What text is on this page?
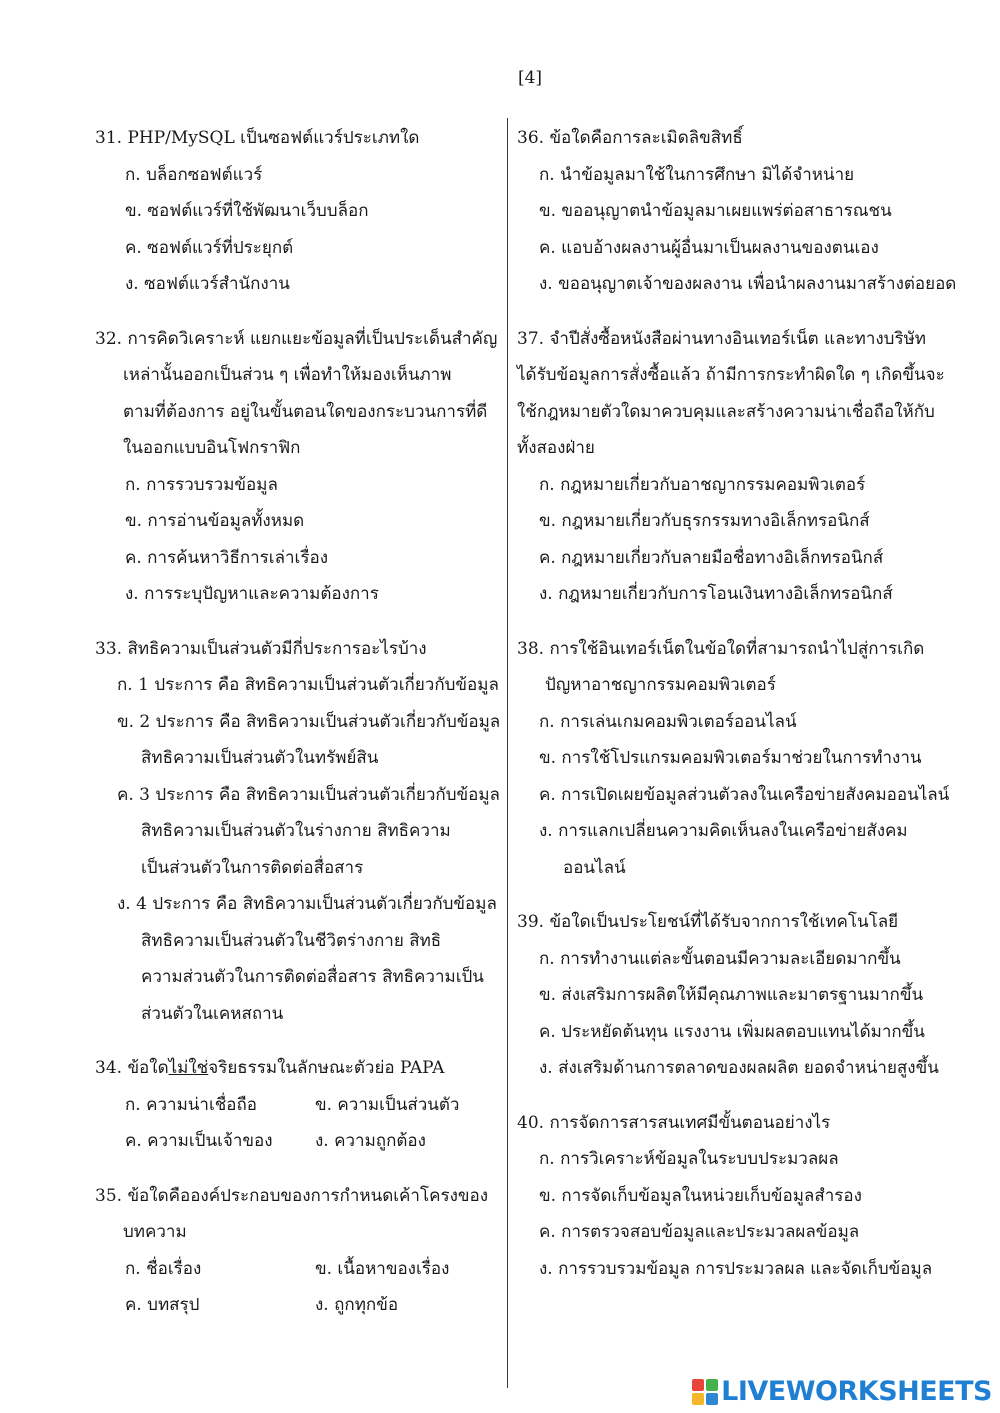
[4]
31. PHP/MySQL เป็นซอฟต์แวร์ประเภทใด
ก. บล็อกซอฟต์แวร์
ข. ซอฟต์แวร์ที่ใช้พัฒนาเว็บบล็อก
ค. ซอฟต์แวร์ที่ประยุกต์
ง. ซอฟต์แวร์สำนักงาน
32. การคิดวิเคราะห์ แยกแยะข้อมูลที่เป็นประเด็นสำคัญ
เหล่านั้นออกเป็นส่วน ๆ เพื่อทำให้มองเห็นภาพ
ตามที่ต้องการ อยู่ในขั้นตอนใดของกระบวนการที่ดี
ในออกแบบอินโฟกราฟิก
ก. การรวบรวมข้อมูล
ข. การอ่านข้อมูลทั้งหมด
ค. การค้นหาวิธีการเล่าเรื่อง
ง. การระบุปัญหาและความต้องการ
33. สิทธิความเป็นส่วนตัวมีกี่ประการอะไรบ้าง
ก. 1 ประการ คือ สิทธิความเป็นส่วนตัวเกี่ยวกับข้อมูล
ข. 2 ประการ คือ สิทธิความเป็นส่วนตัวเกี่ยวกับข้อมูล
สิทธิความเป็นส่วนตัวในทรัพย์สิน
ค. 3 ประการ คือ สิทธิความเป็นส่วนตัวเกี่ยวกับข้อมูล
สิทธิความเป็นส่วนตัวในร่างกาย สิทธิความ
เป็นส่วนตัวในการติดต่อสื่อสาร
ง. 4 ประการ คือ สิทธิความเป็นส่วนตัวเกี่ยวกับข้อมูล
สิทธิความเป็นส่วนตัวในชีวิตร่างกาย สิทธิ
ความส่วนตัวในการติดต่อสื่อสาร สิทธิความเป็น
ส่วนตัวในเคหสถาน
34. ข้อใดไม่ใช่จริยธรรมในลักษณะตัวย่อ PAPA
ก. ความน่าเชื่อถือ	ข. ความเป็นส่วนตัว
ค. ความเป็นเจ้าของ	ง. ความถูกต้อง
35. ข้อใดคือองค์ประกอบของการกำหนดเค้าโครงของ
บทความ
ก. ชื่อเรื่อง	ข. เนื้อหาของเรื่อง
ค. บทสรุป	ง. ถูกทุกข้อ
36. ข้อใดคือการละเมิดลิขสิทธิ์
ก. นำข้อมูลมาใช้ในการศึกษา มิได้จำหน่าย
ข. ขออนุญาตนำข้อมูลมาเผยแพร่ต่อสาธารณชน
ค. แอบอ้างผลงานผู้อื่นมาเป็นผลงานของตนเอง
ง. ขออนุญาตเจ้าของผลงาน เพื่อนำผลงานมาสร้างต่อยอด
37. จำปีสั่งซื้อหนังสือผ่านทางอินเทอร์เน็ต และทางบริษัท
ได้รับข้อมูลการสั่งซื้อแล้ว ถ้ามีการกระทำผิดใด ๆ เกิดขึ้นจะ
ใช้กฎหมายตัวใดมาควบคุมและสร้างความน่าเชื่อถือให้กับ
ทั้งสองฝ่าย
ก. กฎหมายเกี่ยวกับอาชญากรรมคอมพิวเตอร์
ข. กฎหมายเกี่ยวกับธุรกรรมทางอิเล็กทรอนิกส์
ค. กฎหมายเกี่ยวกับลายมือชื่อทางอิเล็กทรอนิกส์
ง. กฎหมายเกี่ยวกับการโอนเงินทางอิเล็กทรอนิกส์
38. การใช้อินเทอร์เน็ตในข้อใดที่สามารถนำไปสู่การเกิด
ปัญหาอาชญากรรมคอมพิวเตอร์
ก. การเล่นเกมคอมพิวเตอร์ออนไลน์
ข. การใช้โปรแกรมคอมพิวเตอร์มาช่วยในการทำงาน
ค. การเปิดเผยข้อมูลส่วนตัวลงในเครือข่ายสังคมออนไลน์
ง. การแลกเปลี่ยนความคิดเห็นลงในเครือข่ายสังคม
ออนไลน์
39. ข้อใดเป็นประโยชน์ที่ได้รับจากการใช้เทคโนโลยี
ก. การทำงานแต่ละขั้นตอนมีความละเอียดมากขึ้น
ข. ส่งเสริมการผลิตให้มีคุณภาพและมาตรฐานมากขึ้น
ค. ประหยัดต้นทุน แรงงาน เพิ่มผลตอบแทนได้มากขึ้น
ง. ส่งเสริมด้านการตลาดของผลผลิต ยอดจำหน่ายสูงขึ้น
40. การจัดการสารสนเทศมีขั้นตอนอย่างไร
ก. การวิเคราะห์ข้อมูลในระบบประมวลผล
ข. การจัดเก็บข้อมูลในหน่วยเก็บข้อมูลสำรอง
ค. การตรวจสอบข้อมูลและประมวลผลข้อมูล
ง. การรวบรวมข้อมูล การประมวลผล และจัดเก็บข้อมูล
LIVEWORKSHEETS
